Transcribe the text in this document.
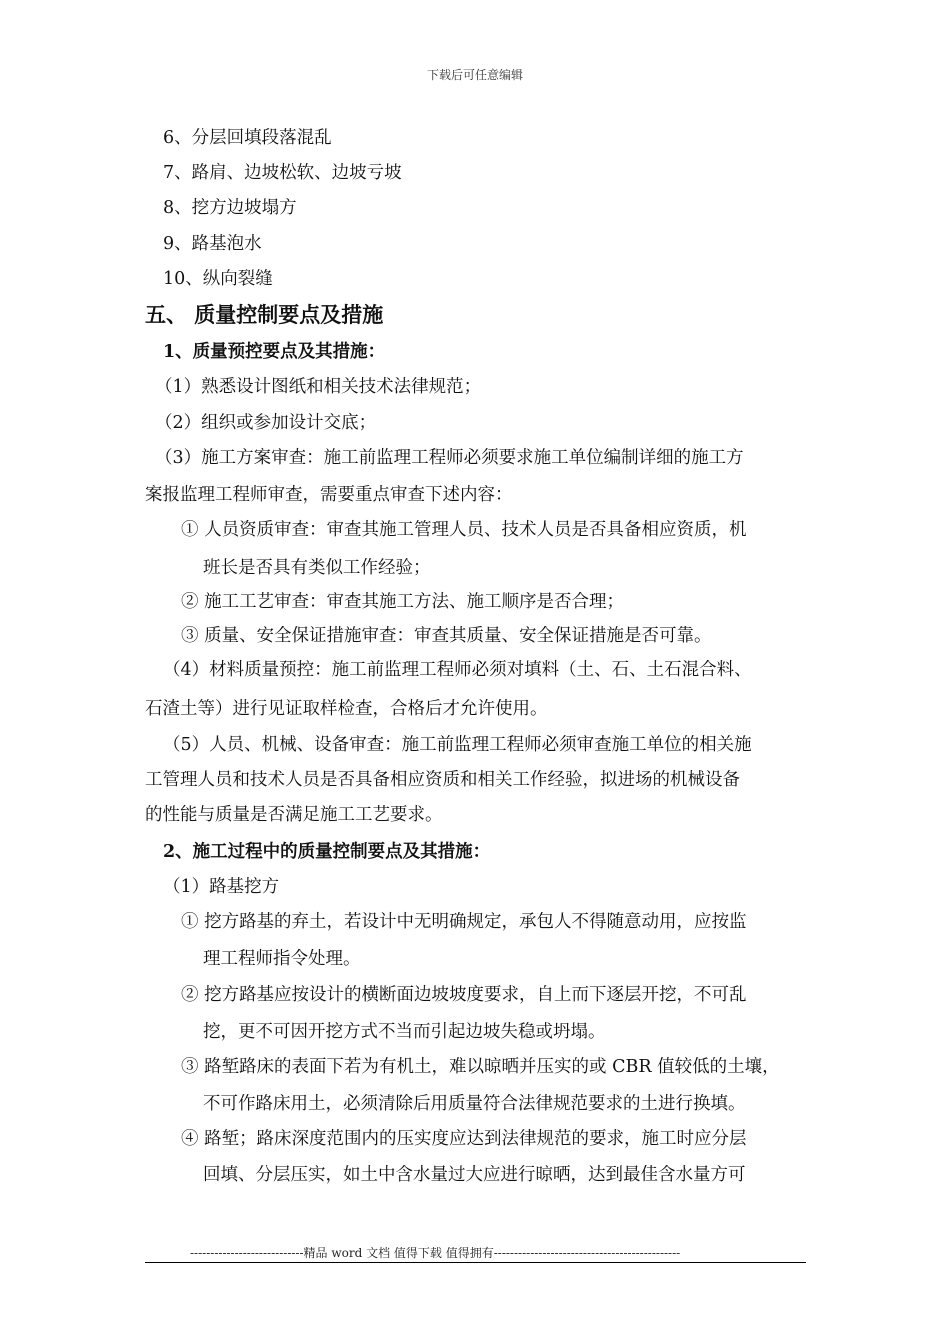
下载后可任意编辑
6、分层回填段落混乱
7、路肩、边坡松软、边坡亏坡
8、挖方边坡塌方
9、路基泡水
10、纵向裂缝
五、 质量控制要点及措施
1、质量预控要点及其措施：
（1）熟悉设计图纸和相关技术法律规范；
（2）组织或参加设计交底；
（3）施工方案审查：施工前监理工程师必须要求施工单位编制详细的施工方
案报监理工程师审查，需要重点审查下述内容：
① 人员资质审查：审查其施工管理人员、技术人员是否具备相应资质，机
班长是否具有类似工作经验；
② 施工工艺审查：审查其施工方法、施工顺序是否合理；
③ 质量、安全保证措施审查：审查其质量、安全保证措施是否可靠。
（4）材料质量预控：施工前监理工程师必须对填料（土、石、土石混合料、
石渣土等）进行见证取样检查，合格后才允许使用。
（5）人员、机械、设备审查：施工前监理工程师必须审查施工单位的相关施
工管理人员和技术人员是否具备相应资质和相关工作经验，拟进场的机械设备
的性能与质量是否满足施工工艺要求。
2、施工过程中的质量控制要点及其措施：
（1）路基挖方
① 挖方路基的弃土，若设计中无明确规定，承包人不得随意动用，应按监
理工程师指令处理。
② 挖方路基应按设计的横断面边坡坡度要求，自上而下逐层开挖，不可乱
挖，更不可因开挖方式不当而引起边坡失稳或坍塌。
③ 路堑路床的表面下若为有机土，难以晾晒并压实的或 CBR 值较低的土壤，
不可作路床用土，必须清除后用质量符合法律规范要求的土进行换填。
④ 路堑；路床深度范围内的压实度应达到法律规范的要求，施工时应分层
回填、分层压实，如土中含水量过大应进行晾晒，达到最佳含水量方可
----------------------------精品 word 文档 值得下载 值得拥有----------------------------------------------
